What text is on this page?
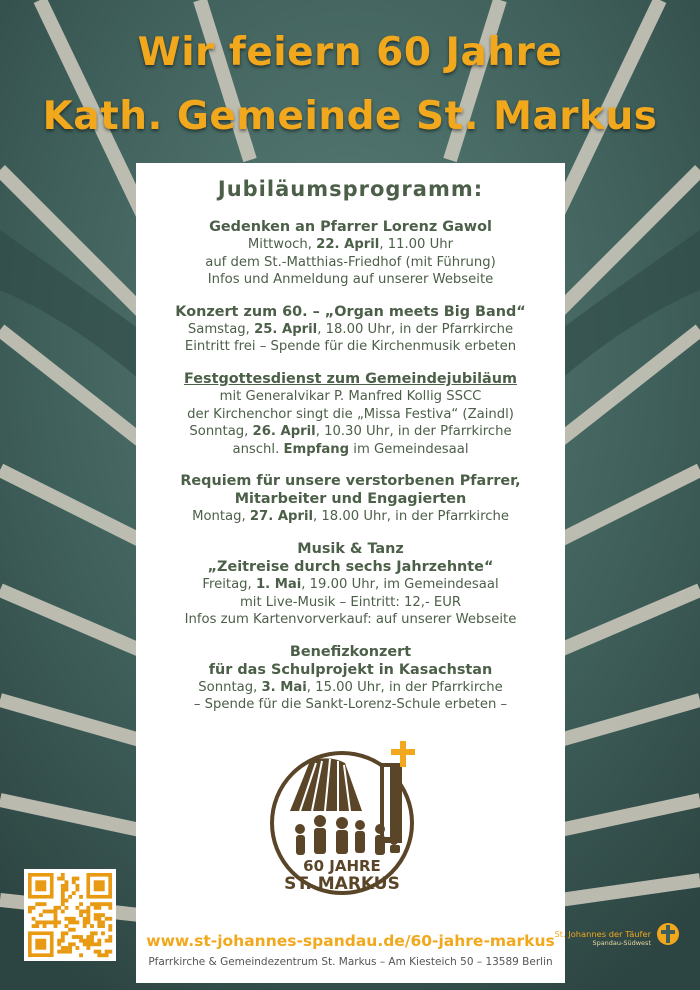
Wir feiern 60 Jahre
Kath. Gemeinde St. Markus
Jubiläumsprogramm:
Gedenken an Pfarrer Lorenz Gawol
Mittwoch, 22. April, 11.00 Uhr
auf dem St.-Matthias-Friedhof (mit Führung)
Infos und Anmeldung auf unserer Webseite
Konzert zum 60. – „Organ meets Big Band“
Samstag, 25. April, 18.00 Uhr, in der Pfarrkirche
Eintritt frei – Spende für die Kirchenmusik erbeten
Festgottesdienst zum Gemeindejubiläum
mit Generalvikar P. Manfred Kollig SSCC
der Kirchenchor singt die „Missa Festiva“ (Zaindl)
Sonntag, 26. April, 10.30 Uhr, in der Pfarrkirche
anschl. Empfang im Gemeindesaal
Requiem für unsere verstorbenen Pfarrer,
Mitarbeiter und Engagierten
Montag, 27. April, 18.00 Uhr, in der Pfarrkirche
Musik & Tanz
„Zeitreise durch sechs Jahrzehnte“
Freitag, 1. Mai, 19.00 Uhr, im Gemeindesaal
mit Live-Musik – Eintritt: 12,- EUR
Infos zum Kartenvorverkauf: auf unserer Webseite
Benefizkonzert
für das Schulprojekt in Kasachstan
Sonntag, 3. Mai, 15.00 Uhr, in der Pfarrkirche
– Spende für die Sankt-Lorenz-Schule erbeten –
60 JAHRE
ST. MARKUS
www.st-johannes-spandau.de/60-jahre-markus
Pfarrkirche & Gemeindezentrum St. Markus – Am Kiesteich 50 – 13589 Berlin
St. Johannes der Täufer
Spandau-Südwest
